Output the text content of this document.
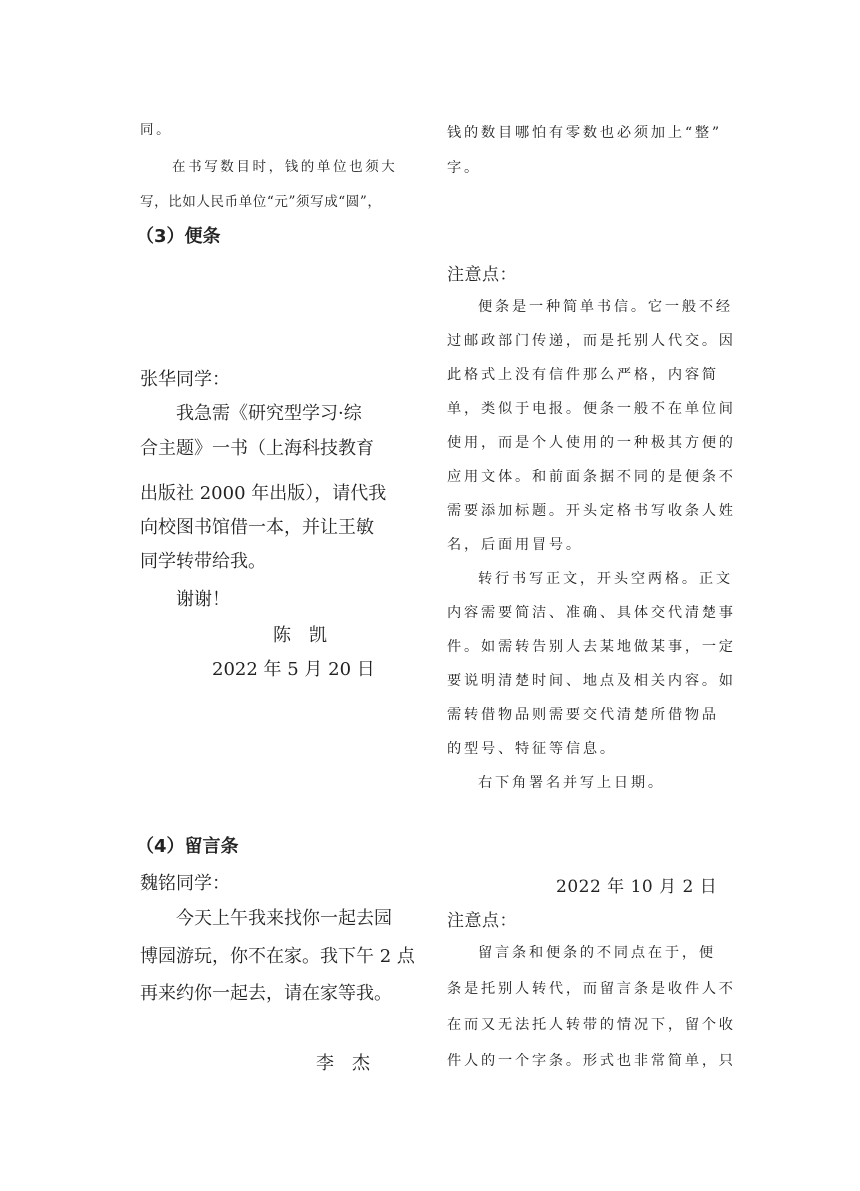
同。
在书写数目时，钱的单位也须大
写，比如人民币单位“元”须写成“圆”，
钱的数目哪怕有零数也必须加上“整”
字。
（3）便条
张华同学：
我急需《研究型学习·综
合主题》一书（上海科技教育
出版社 2000 年出版），请代我
向校图书馆借一本，并让王敏
同学转带给我。
谢谢！
陈　凯
2022 年 5 月 20 日
注意点：
便条是一种简单书信。它一般不经
过邮政部门传递，而是托别人代交。因
此格式上没有信件那么严格，内容简
单，类似于电报。便条一般不在单位间
使用，而是个人使用的一种极其方便的
应用文体。和前面条据不同的是便条不
需要添加标题。开头定格书写收条人姓
名，后面用冒号。
转行书写正文，开头空两格。正文
内容需要简洁、准确、具体交代清楚事
件。如需转告别人去某地做某事，一定
要说明清楚时间、地点及相关内容。如
需转借物品则需要交代清楚所借物品
的型号、特征等信息。
右下角署名并写上日期。
（4）留言条
魏铭同学：
今天上午我来找你一起去园
博园游玩，你不在家。我下午 2 点
再来约你一起去，请在家等我。
李　杰
2022 年 10 月 2 日
注意点：
留言条和便条的不同点在于，便
条是托别人转代，而留言条是收件人不
在而又无法托人转带的情况下，留个收
件人的一个字条。形式也非常简单，只
